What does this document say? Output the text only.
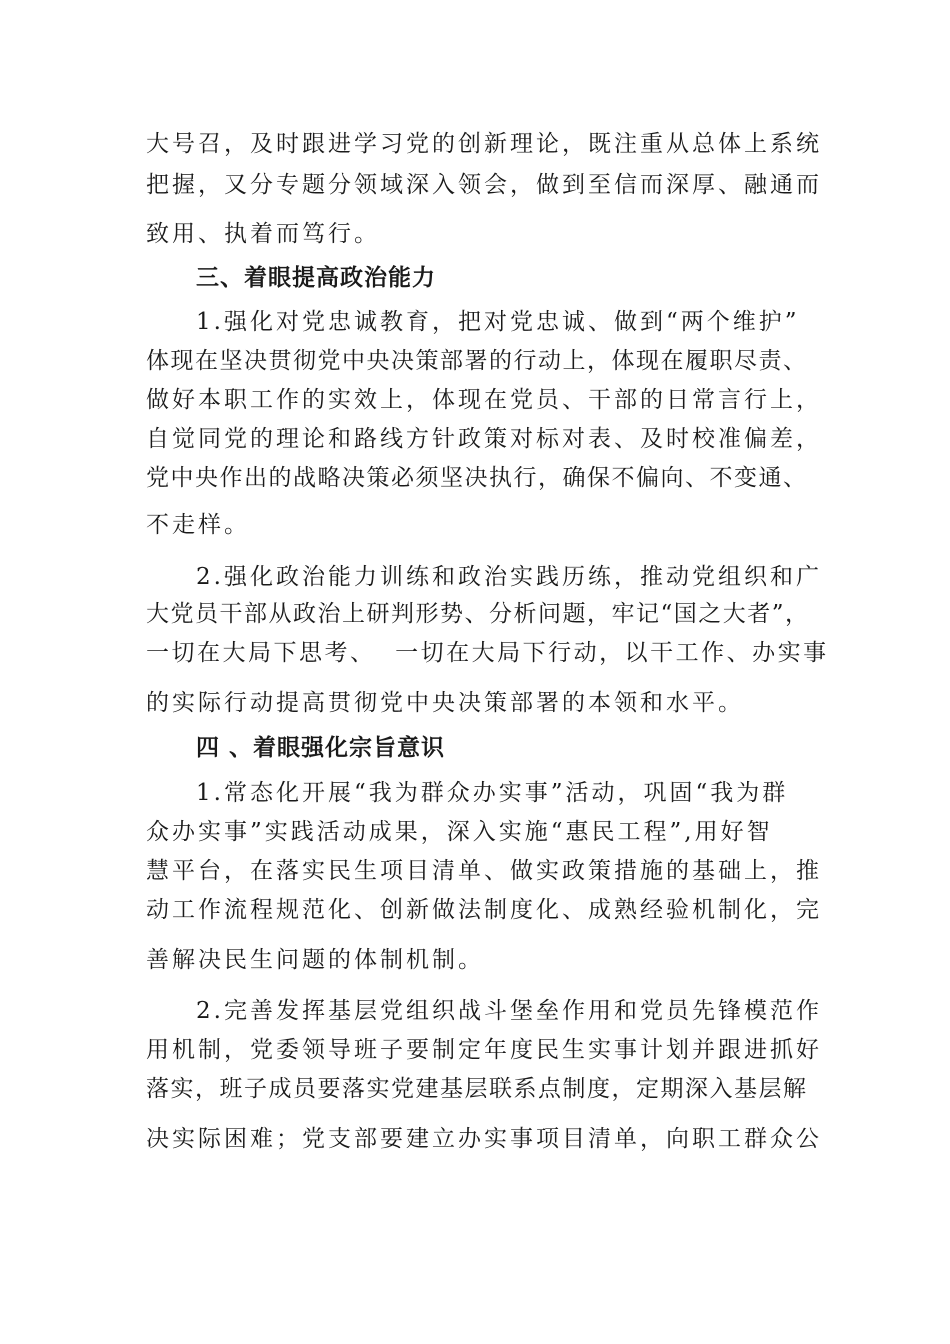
大号召，及时跟进学习党的创新理论，既注重从总体上系统
把握，又分专题分领域深入领会，做到至信而深厚、融通而
致用、执着而笃行。
三、着眼提高政治能力
1.强化对党忠诚教育，把对党忠诚、做到“两个维护”
体现在坚决贯彻党中央决策部署的行动上，体现在履职尽责、
做好本职工作的实效上，体现在党员、干部的日常言行上，
自觉同党的理论和路线方针政策对标对表、及时校准偏差，
党中央作出的战略决策必须坚决执行，确保不偏向、不变通、
不走样。
2.强化政治能力训练和政治实践历练，推动党组织和广
大党员干部从政治上研判形势、分析问题，牢记“国之大者”，
一切在大局下思考、  一切在大局下行动，以干工作、办实事
的实际行动提高贯彻党中央决策部署的本领和水平。
四 、着眼强化宗旨意识
1.常态化开展“我为群众办实事”活动，巩固“我为群
众办实事”实践活动成果，深入实施“惠民工程”,用好智
慧平台，在落实民生项目清单、做实政策措施的基础上，推
动工作流程规范化、创新做法制度化、成熟经验机制化，完
善解决民生问题的体制机制。
2.完善发挥基层党组织战斗堡垒作用和党员先锋模范作
用机制，党委领导班子要制定年度民生实事计划并跟进抓好
落实，班子成员要落实党建基层联系点制度，定期深入基层解
决实际困难；党支部要建立办实事项目清单，向职工群众公
